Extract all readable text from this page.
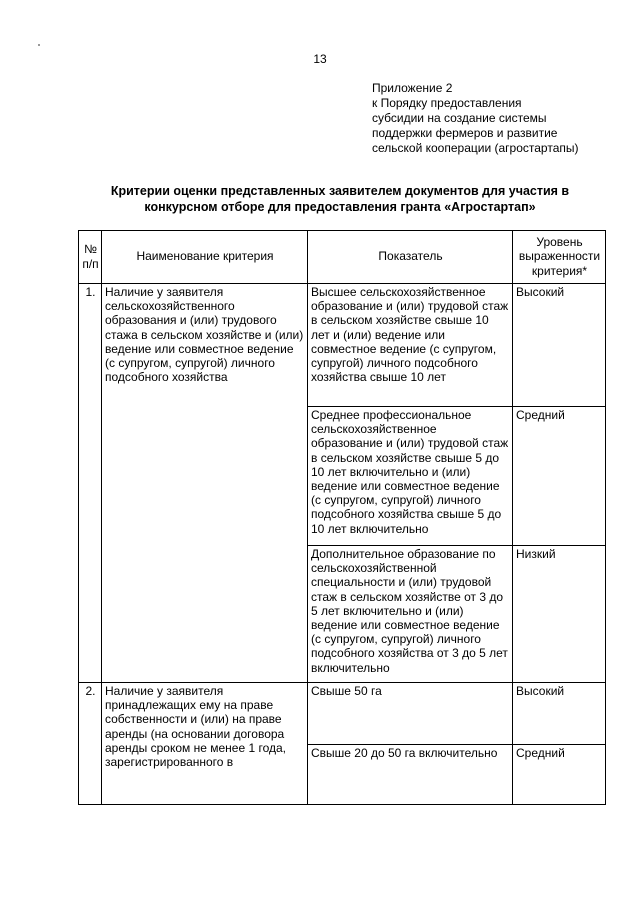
13
Приложение 2
к Порядку предоставления
субсидии на создание системы
поддержки фермеров и развитие
сельской кооперации (агростартапы)
Критерии оценки представленных заявителем документов для участия в
конкурсном отборе для предоставления гранта «Агростартап»
№ п/п	Наименование критерия	Показатель	Уровень выраженности критерия*
1.	Наличие у заявителя сельскохозяйственного образования и (или) трудового стажа в сельском хозяйстве и (или) ведение или совместное ведение (с супругом, супругой) личного подсобного хозяйства	Высшее сельскохозяйственное образование и (или) трудовой стаж в сельском хозяйстве свыше 10 лет и (или) ведение или совместное ведение (с супругом, супругой) личного подсобного хозяйства свыше 10 лет	Высокий
		Среднее профессиональное сельскохозяйственное образование и (или) трудовой стаж в сельском хозяйстве свыше 5 до 10 лет включительно и (или) ведение или совместное ведение (с супругом, супругой) личного подсобного хозяйства свыше 5 до 10 лет включительно	Средний
		Дополнительное образование по сельскохозяйственной специальности и (или) трудовой стаж в сельском хозяйстве от 3 до 5 лет включительно и (или) ведение или совместное ведение (с супругом, супругой) личного подсобного хозяйства от 3 до 5 лет включительно	Низкий
2.	Наличие у заявителя принадлежащих ему на праве собственности и (или) на праве аренды (на основании договора аренды сроком не менее 1 года, зарегистрированного в	Свыше 50 га	Высокий
		Свыше 20 до 50 га включительно	Средний
